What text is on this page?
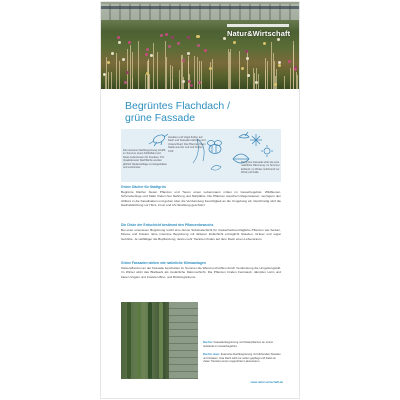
Natur&Wirtschaft
Begrüntes Flachdach /
grüne Fassade
Die intensive Dachbegrünung schafft im Sommer einen Kühleffekt und bietet Lebensraum für Insekten. Pro Quadratmeter Dachfläche werden jährlich Niederschläge zurückgehalten und verdunstet.
Insekten und Vögel finden auf Dach und Fassade Nahrung und Unterschlupf. Die Pflanzen filtern Staub aus der Luft und binden CO2.
Die grüne Fassade wirkt wie eine natürliche Dämmung: im Sommer kühlend, im Winter schützend vor Wind und Kälte.
Grüne Dächer für Stadtgrün
Begrünte Dächer bieten Pflanzen und Tieren einen Lebensraum mitten im Gewerbegebiet. Wildbienen, Schmetterlinge und Käfer finden hier Nahrung und Nistplätze. Die Pflanzen speichern Regenwasser, verzögern den Abfluss in die Kanalisation und geben über die Verdunstung Feuchtigkeit an die Umgebung ab. Gleichzeitig wird die Dachabdichtung vor Hitze, Frost und UV-Strahlung geschützt.
Die Dicke der Erdschicht bestimmt den Pflanzenbewuchs
Bei einer extensiven Begrünung reicht eine dünne Substratschicht für trockenheitsverträgliche Pflanzen wie Sedum, Moose und Kräuter. Eine intensive Begrünung mit dickerer Erdschicht ermöglicht Stauden, Gräser und sogar Gehölze. Je vielfältiger die Bepflanzung, desto mehr Tierarten finden auf dem Dach einen Lebensraum.
Grüne Fassaden wirken wie natürliche Klimaanlagen
Kletterpflanzen an der Fassade beschatten im Sommer die Wand und kühlen durch Verdunstung die Umgebungsluft. Im Winter wirkt das Blattwerk als zusätzliche Dämmschicht. Die Pflanzen binden Feinstaub, dämpfen Lärm und bieten Vögeln und Insekten Brut- und Rückzugsräume.
Rechts: Fassadenbegrünung mit Kletterpflanzen an einem Gebäude im Gewerbegebiet.
Rechts oben: Extensive Dachbegrünung mit blühenden Stauden und Gräsern. Das Dach wird nur selten gepflegt und bietet so vielen Tierarten einen ungestörten Lebensraum.
www.natur-wirtschaft.de
